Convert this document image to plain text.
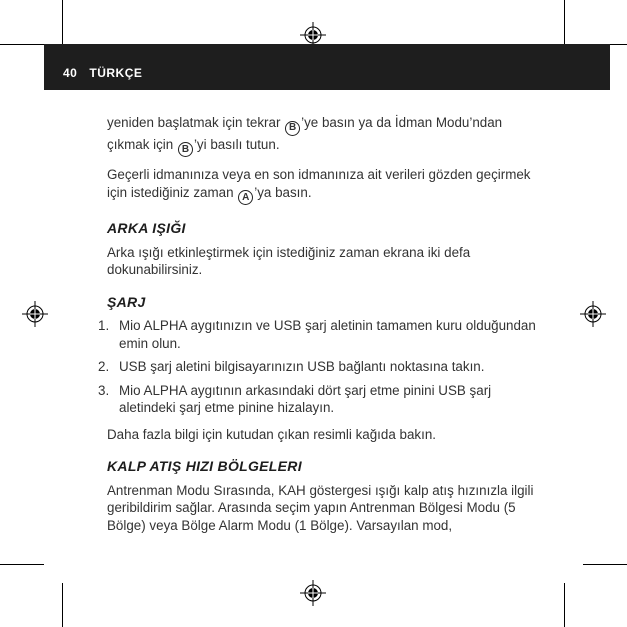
40 TÜRKÇE

yeniden başlatmak için tekrar B ’ye basın ya da İdman Modu’ndan çıkmak için B ’yi basılı tutun.

Geçerli idmanınıza veya en son idmanınıza ait verileri gözden geçirmek için istediğiniz zaman A ’ya basın.

ARKA IŞIĞI

Arka ışığı etkinleştirmek için istediğiniz zaman ekrana iki defa dokunabilirsiniz.

ŞARJ
1. Mio ALPHA aygıtınızın ve USB şarj aletinin tamamen kuru olduğundan emin olun.
2. USB şarj aletini bilgisayarınızın USB bağlantı noktasına takın.
3. Mio ALPHA aygıtının arkasındaki dört şarj etme pinini USB şarj aletindeki şarj etme pinine hizalayın.

Daha fazla bilgi için kutudan çıkan resimli kağıda bakın.

KALP ATIŞ HIZI BÖLGELERI

Antrenman Modu Sırasında, KAH göstergesi ışığı kalp atış hızınızla ilgili geribildirim sağlar. Arasında seçim yapın Antrenman Bölgesi Modu (5 Bölge) veya Bölge Alarm Modu (1 Bölge). Varsayılan mod,
